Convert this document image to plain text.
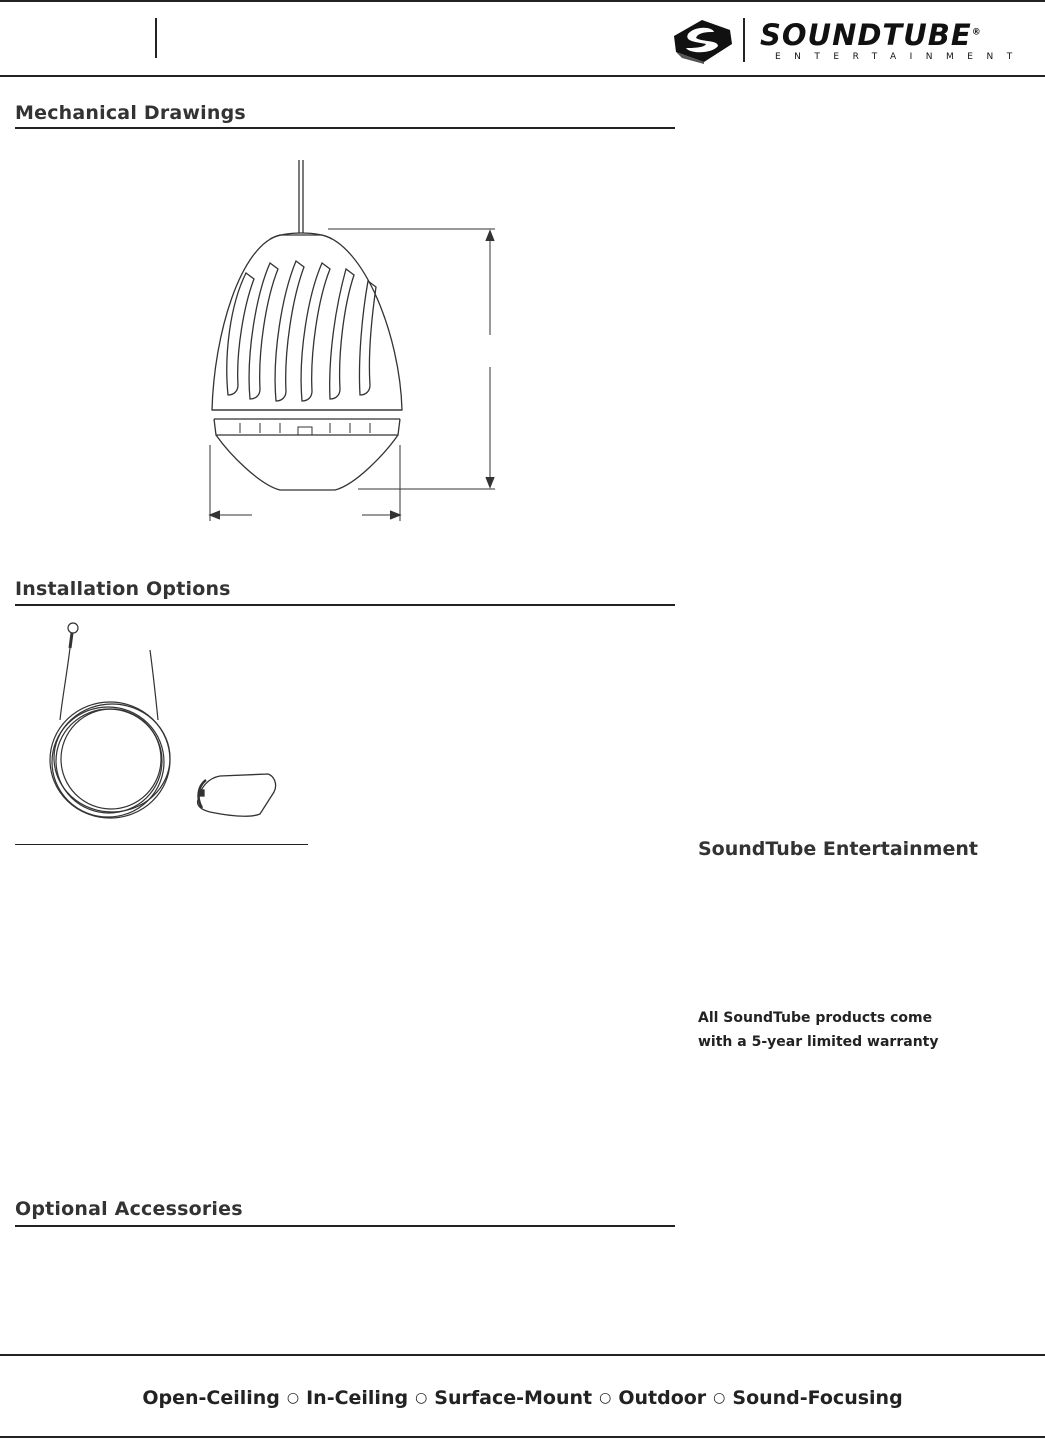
SOUNDTUBE®
ENTERTAINMENT
Mechanical Drawings
Installation Options
SoundTube Entertainment
All SoundTube products come
with a 5-year limited warranty
Optional Accessories
Open-Ceiling ○ In-Ceiling ○ Surface-Mount ○ Outdoor ○ Sound-Focusing
